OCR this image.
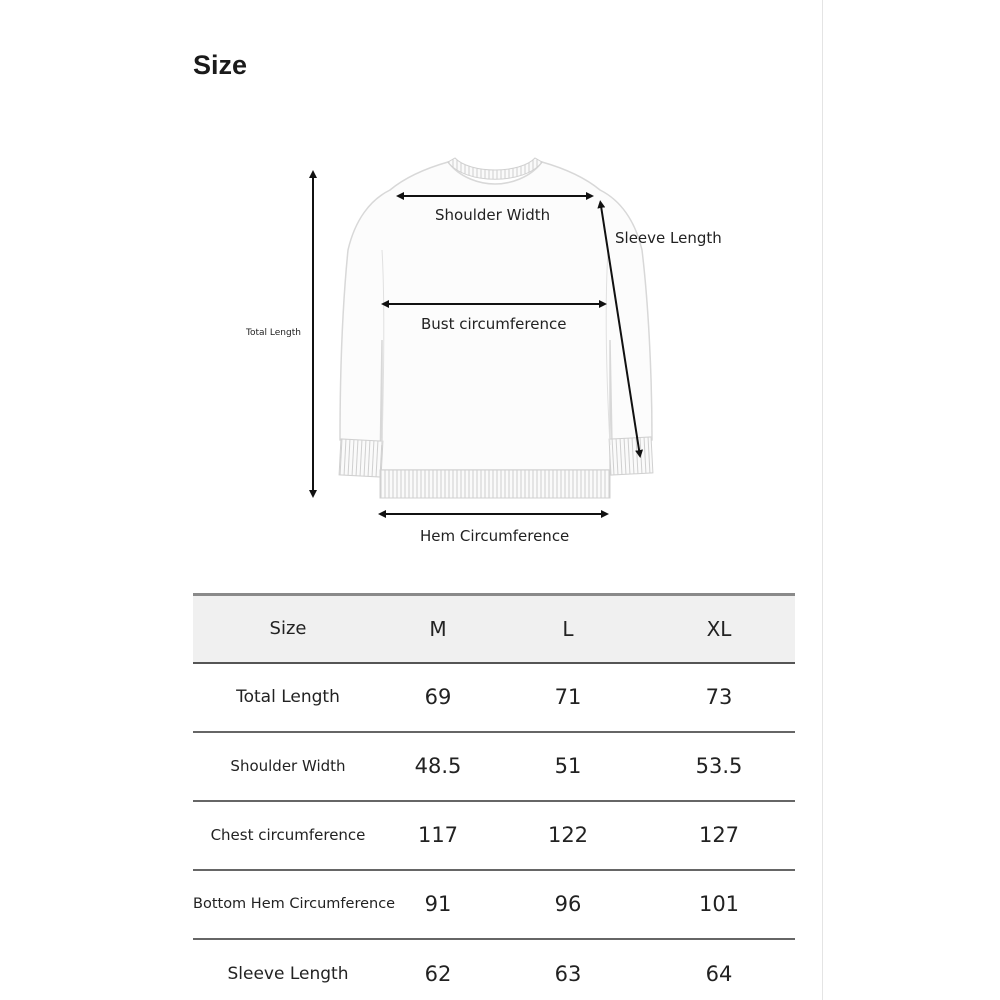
Size
Shoulder Width
Sleeve Length
Bust circumference
Total Length
Hem Circumference
Size	M	L	XL
Total Length	69	71	73
Shoulder Width	48.5	51	53.5
Chest circumference	117	122	127
Bottom Hem Circumference	91	96	101
Sleeve Length	62	63	64
